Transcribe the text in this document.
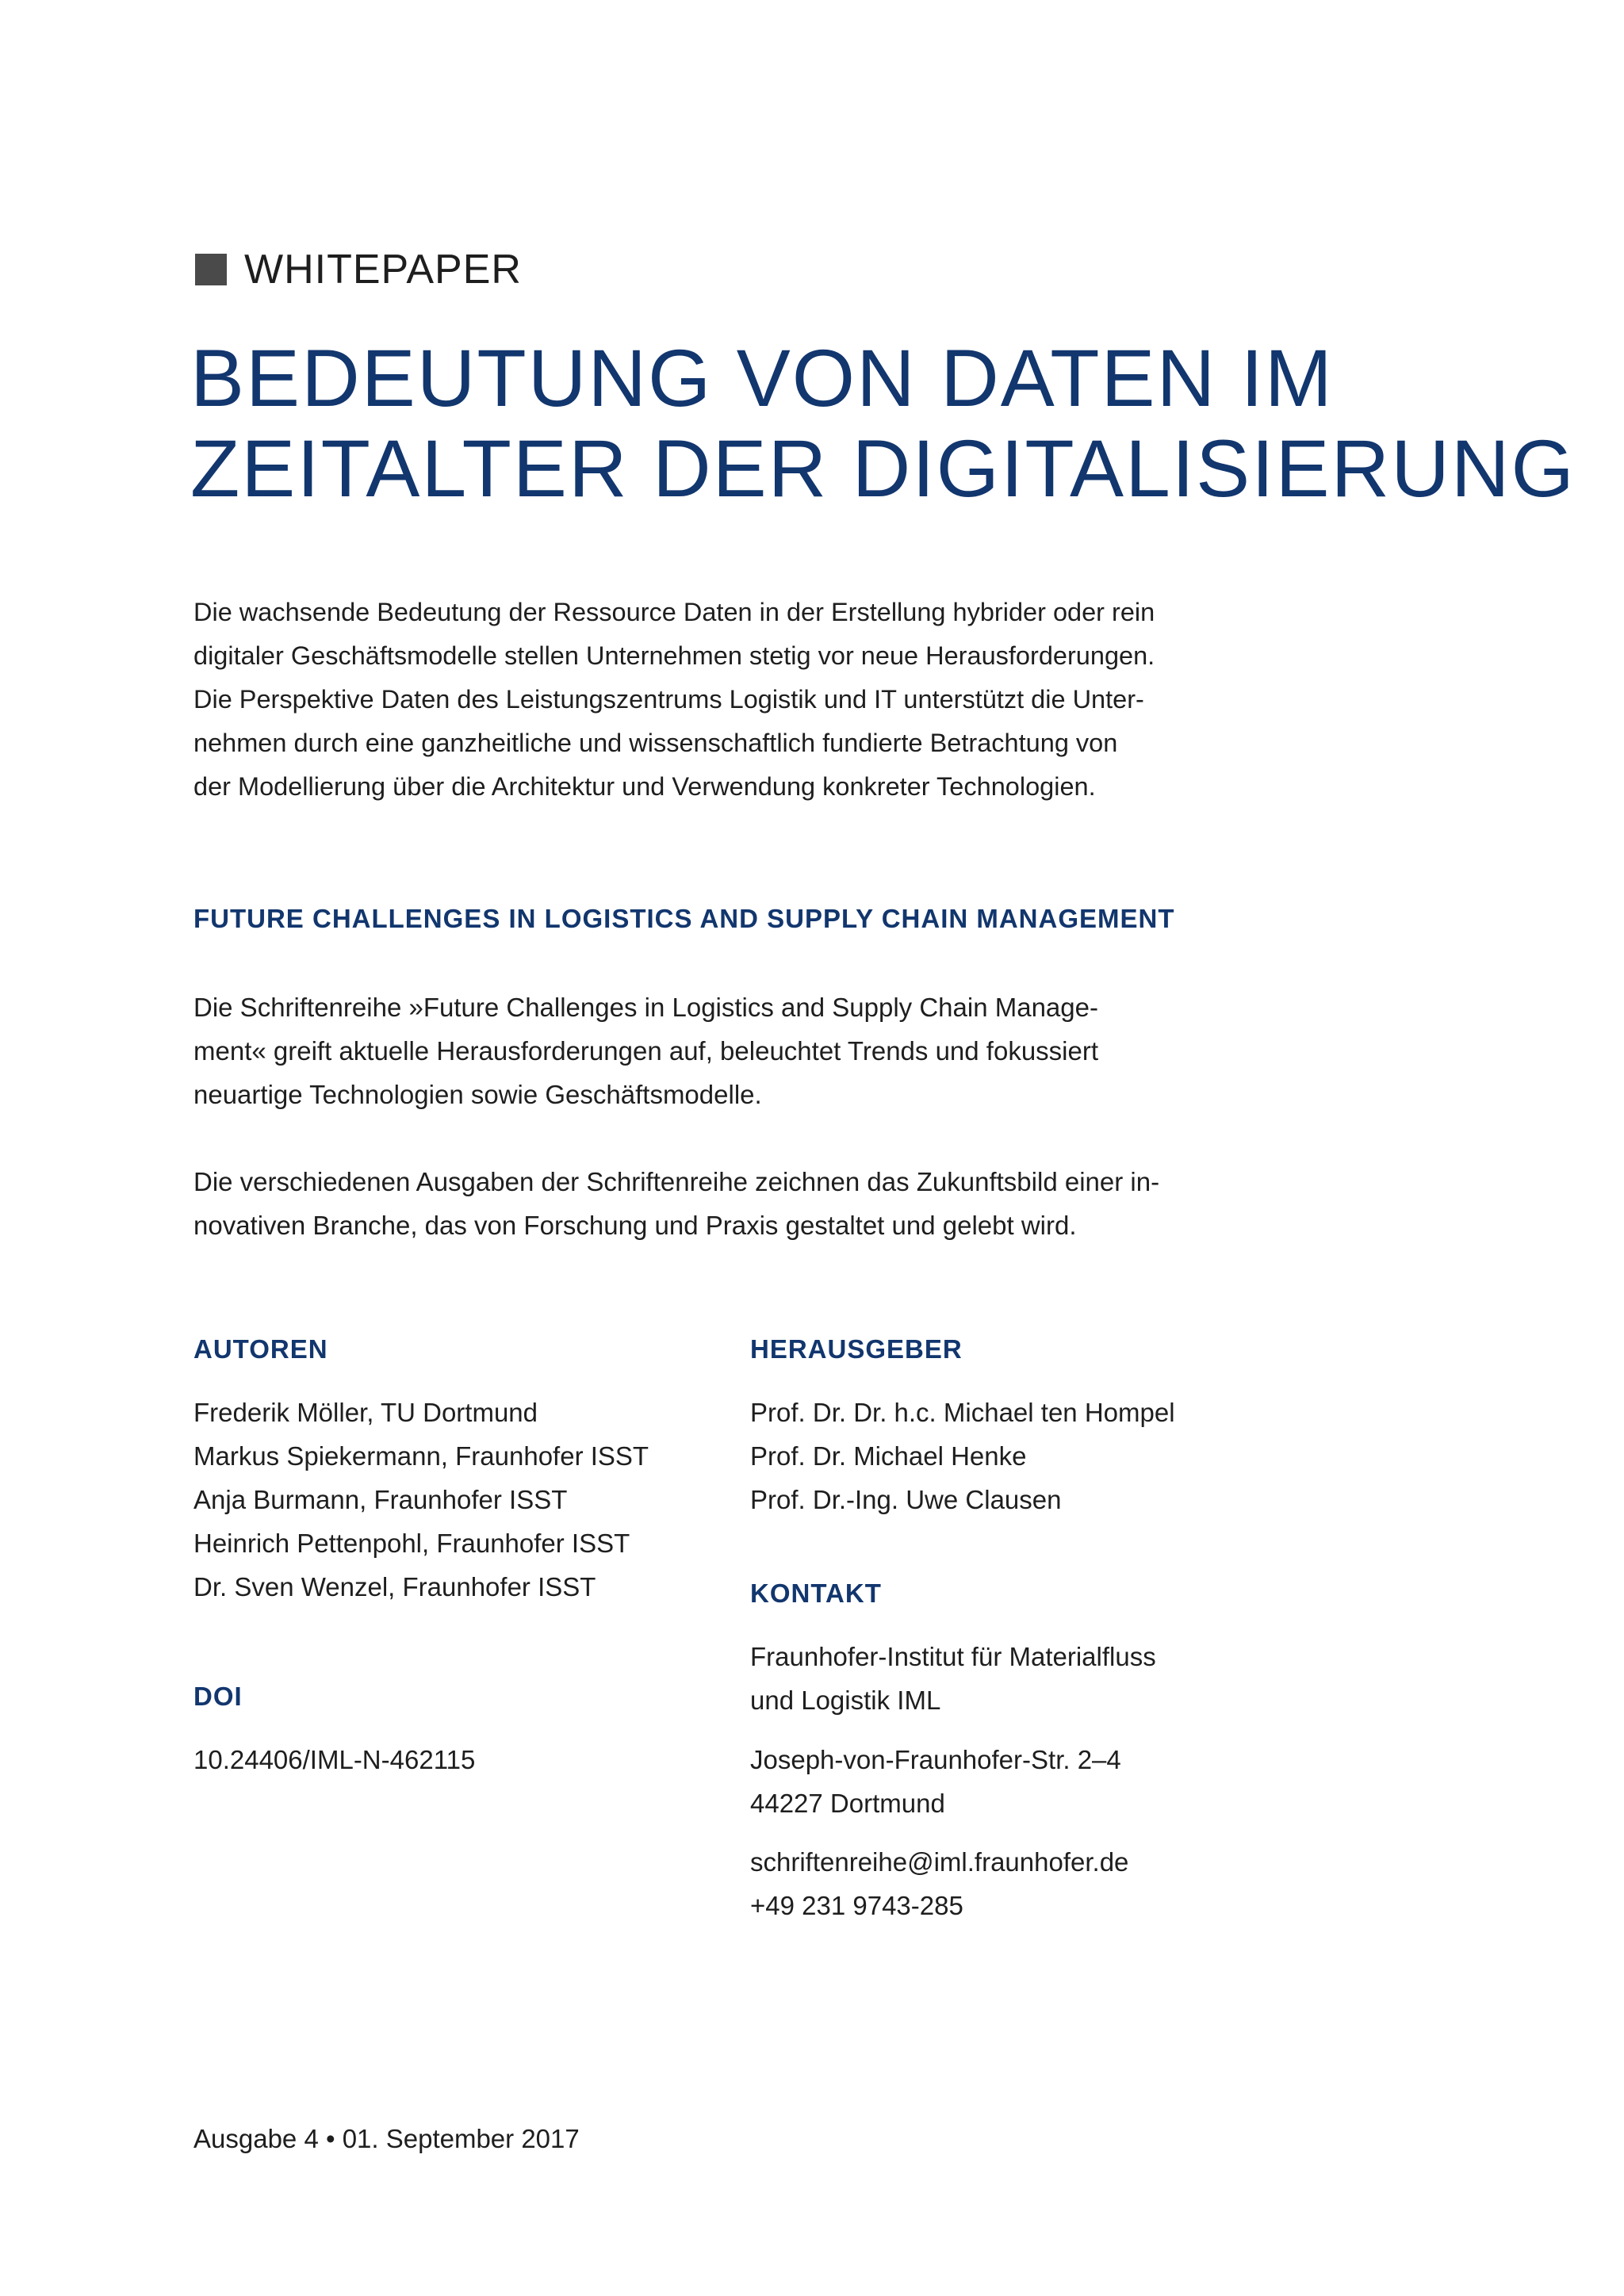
WHITEPAPER
BEDEUTUNG VON DATEN IM
ZEITALTER DER DIGITALISIERUNG
Die wachsende Bedeutung der Ressource Daten in der Erstellung hybrider oder rein
digitaler Geschäftsmodelle stellen Unternehmen stetig vor neue Herausforderungen.
Die Perspektive Daten des Leistungszentrums Logistik und IT unterstützt die Unter-
nehmen durch eine ganzheitliche und wissenschaftlich fundierte Betrachtung von
der Modellierung über die Architektur und Verwendung konkreter Technologien.
FUTURE CHALLENGES IN LOGISTICS AND SUPPLY CHAIN MANAGEMENT
Die Schriftenreihe »Future Challenges in Logistics and Supply Chain Manage-
ment« greift aktuelle Herausforderungen auf, beleuchtet Trends und fokussiert
neuartige Technologien sowie Geschäftsmodelle.
Die verschiedenen Ausgaben der Schriftenreihe zeichnen das Zukunftsbild einer in-
novativen Branche, das von Forschung und Praxis gestaltet und gelebt wird.
AUTOREN
Frederik Möller, TU Dortmund
Markus Spiekermann, Fraunhofer ISST
Anja Burmann, Fraunhofer ISST
Heinrich Pettenpohl, Fraunhofer ISST
Dr. Sven Wenzel, Fraunhofer ISST
DOI
10.24406/IML-N-462115
HERAUSGEBER
Prof. Dr. Dr. h.c. Michael ten Hompel
Prof. Dr. Michael Henke
Prof. Dr.-Ing. Uwe Clausen
KONTAKT
Fraunhofer-Institut für Materialfluss
und Logistik IML
Joseph-von-Fraunhofer-Str. 2–4
44227 Dortmund
schriftenreihe@iml.fraunhofer.de
+49 231 9743-285
Ausgabe 4 • 01. September 2017
